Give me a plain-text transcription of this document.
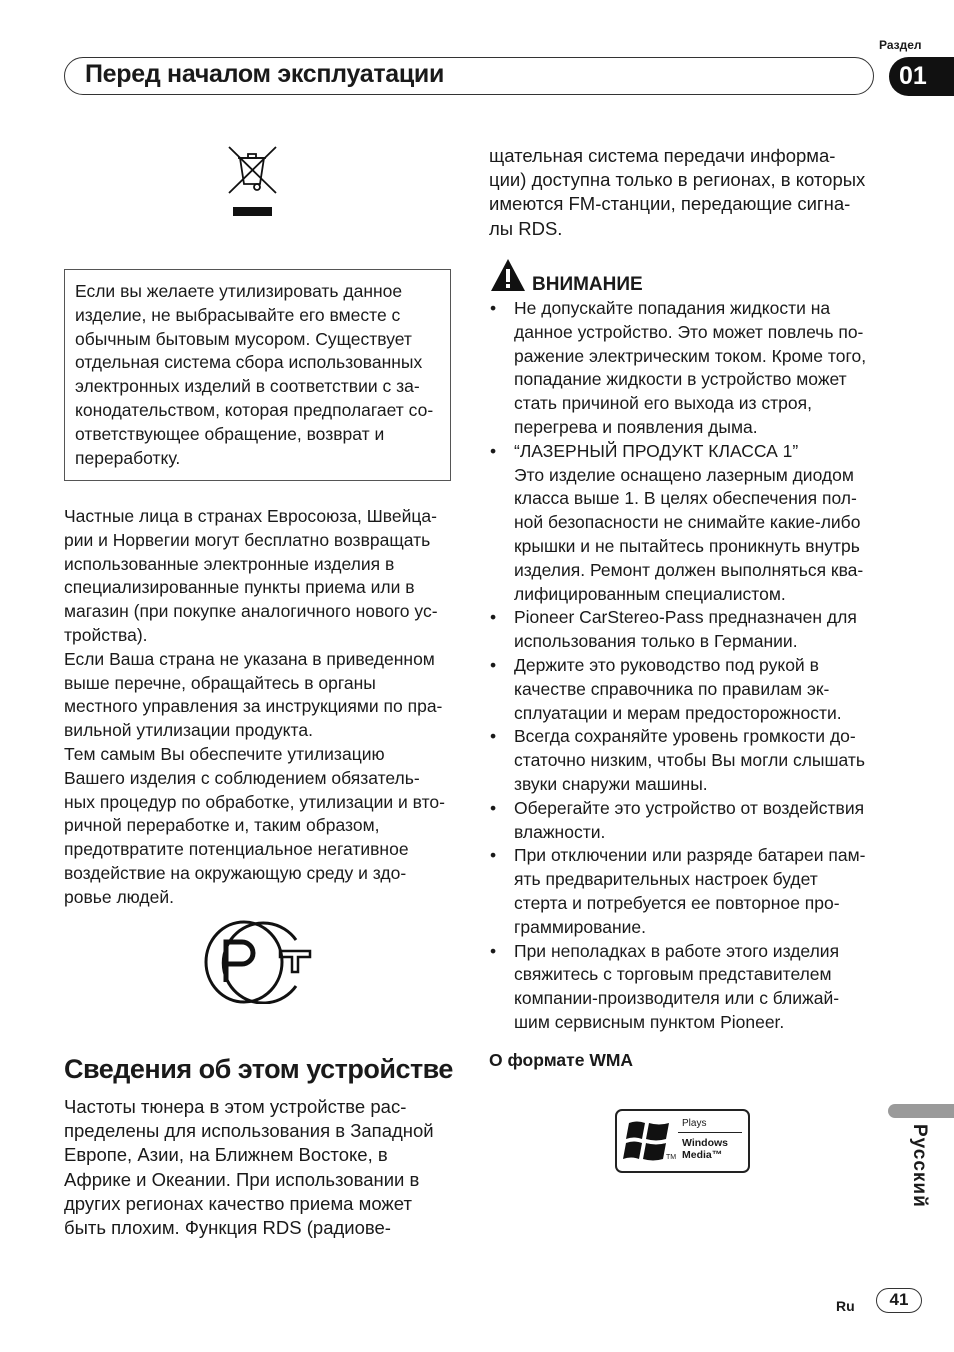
Раздел
Перед началом эксплуатации	01
Если вы желаете утилизировать данное
изделие, не выбрасывайте его вместе с
обычным бытовым мусором. Существует
отдельная система сбора использованных
электронных изделий в соответствии с за-
конодательством, которая предполагает со-
ответствующее обращение, возврат и
переработку.
Частные лица в странах Евросоюза, Швейца-
рии и Норвегии могут бесплатно возвращать
использованные электронные изделия в
специализированные пункты приема или в
магазин (при покупке аналогичного нового ус-
тройства).
Если Ваша страна не указана в приведенном
выше перечне, обращайтесь в органы
местного управления за инструкциями по пра-
вильной утилизации продукта.
Тем самым Вы обеспечите утилизацию
Вашего изделия с соблюдением обязатель-
ных процедур по обработке, утилизации и вто-
ричной переработке и, таким образом,
предотвратите потенциальное негативное
воздействие на окружающую среду и здо-
ровье людей.
Сведения об этом устройстве
Частоты тюнера в этом устройстве рас-
пределены для использования в Западной
Европе, Азии, на Ближнем Востоке, в
Африке и Океании. При использовании в
других регионах качество приема может
быть плохим. Функция RDS (радиове-
щательная система передачи информа-
ции) доступна только в регионах, в которых
имеются FM-станции, передающие сигна-
лы RDS.
ВНИМАНИЕ
• Не допускайте попадания жидкости на
данное устройство. Это может повлечь по-
ражение электрическим током. Кроме того,
попадание жидкости в устройство может
стать причиной его выхода из строя,
перегрева и появления дыма.
• “ЛАЗЕРНЫЙ ПРОДУКТ КЛАССА 1”
Это изделие оснащено лазерным диодом
класса выше 1. В целях обеспечения пол-
ной безопасности не снимайте какие-либо
крышки и не пытайтесь проникнуть внутрь
изделия. Ремонт должен выполняться ква-
лифицированным специалистом.
• Pioneer CarStereo-Pass предназначен для
использования только в Германии.
• Держите это руководство под рукой в
качестве справочника по правилам эк-
сплуатации и мерам предосторожности.
• Всегда сохраняйте уровень громкости до-
статочно низким, чтобы Вы могли слышать
звуки снаружи машины.
• Оберегайте это устройство от воздействия
влажности.
• При отключении или разряде батареи пам-
ять предварительных настроек будет
стерта и потребуется ее повторное про-
граммирование.
• При неполадках в работе этого изделия
свяжитесь с торговым представителем
компании-производителя или с ближай-
шим сервисным пунктом Pioneer.
О формате WMA
Plays
Windows
Media™
TM	Русский
Ru	41
